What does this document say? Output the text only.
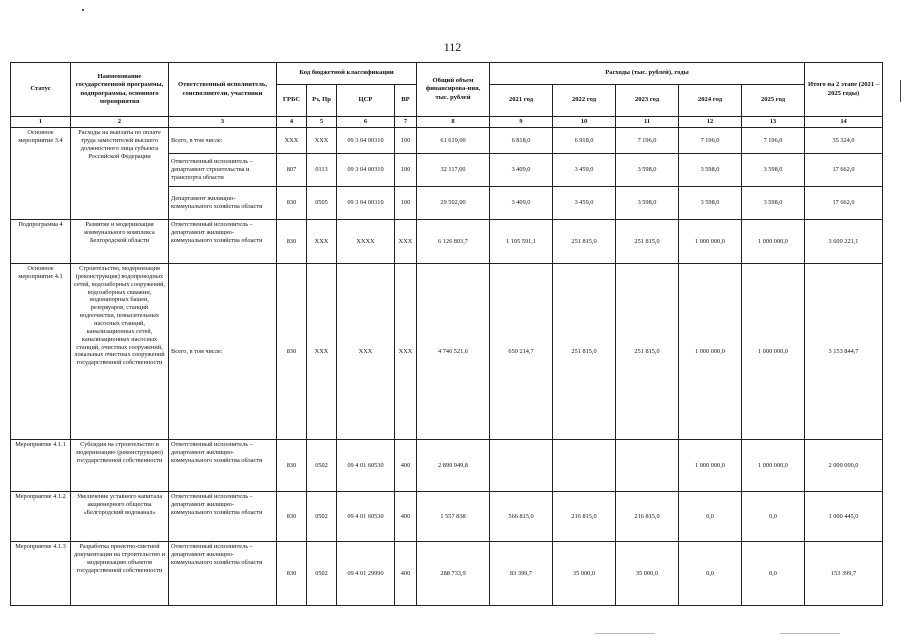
112
Статус	Наименование государственной программы, подпрограммы, основного мероприятия	Ответственный исполнитель, соисполнители, участники	Код бюджетной классификации				Общий объем финансирова-ния, тыс. рублей	Расходы (тыс. рублей), годы					Итого на 2 этапе (2021 – 2025 годы)
			ГРБС	Рз, Пр	ЦСР	ВР		2021 год	2022 год	2023 год	2024 год	2025 год	
1	2	3	4	5	6	7	8	9	10	11	12	13	14
Основное мероприятие 3.4	Расходы на выплаты по оплате труда заместителей высшего должностного лица субъекта Российской Федерации	Всего, в том числе:	ХХХ	ХХХ	09 3 04 00310	100	61 619,00	6 818,0	6 918,0	7 196,0	7 196,0	7 196,0	35 324,0
		Ответственный исполнитель – департамент строительства и транспорта области	807	0113	09 3 04 00310	100	32 117,00	3 409,0	3 459,0	3 598,0	3 598,0	3 598,0	17 662,0
		Департамент жилищно-коммунального хозяйства области	830	0505	09 3 04 00310	100	29 502,00	3 409,0	3 459,0	3 598,0	3 598,0	3 598,0	17 662,0
Подпрограмма 4	Развитие и модернизация коммунального комплекса Белгородской области	Ответственный исполнитель – департамент жилищно-коммунального хозяйства области	830	ХХХ	ХХХХ	ХХХ	6 126 803,7	1 105 591,1	251 815,0	251 815,0	1 000 000,0	1 000 000,0	3 609 221,1
Основное мероприятие 4.1	Строительство, модернизация (реконструкция) водопроводных сетей, водозаборных сооружений, водозаборных скважин, водонапорных башен, резервуаров, станций водоочистки, повысительных насосных станций, канализационных сетей, канализационных насосных станций, очистных сооружений, локальных очистных сооружений государственной собственности	Всего, в том числе:	830	ХХХ	ХХХ	ХХХ	4 746 521,6	650 214,7	251 815,0	251 815,0	1 000 000,0	1 000 000,0	3 153 844,7
Мероприятие 4.1.1	Субсидия на строительство и модернизацию (реконструкцию) государственной собственности	Ответственный исполнитель – департамент жилищно-коммунального хозяйства области	830	0502	09 4 01 60530	400	2 899 949,8				1 000 000,0	1 000 000,0	2 000 000,0
Мероприятие 4.1.2	Увеличение уставного капитала акционерного общества «Белгородский водоканал»	Ответственный исполнитель – департамент жилищно-коммунального хозяйства области	830	0502	09 4 01 60530	400	1 557 838	566 815,0	216 815,0	216 815,0	0,0	0,0	1 000 445,0
Мероприятие 4.1.3	Разработка проектно-сметной документации на строительство и модернизацию объектов государственной собственности	Ответственный исполнитель – департамент жилищно-коммунального хозяйства области	830	0502	09 4 01 29990	400	288 733,9	83 399,7	35 000,0	35 000,0	0,0	0,0	153 399,7
